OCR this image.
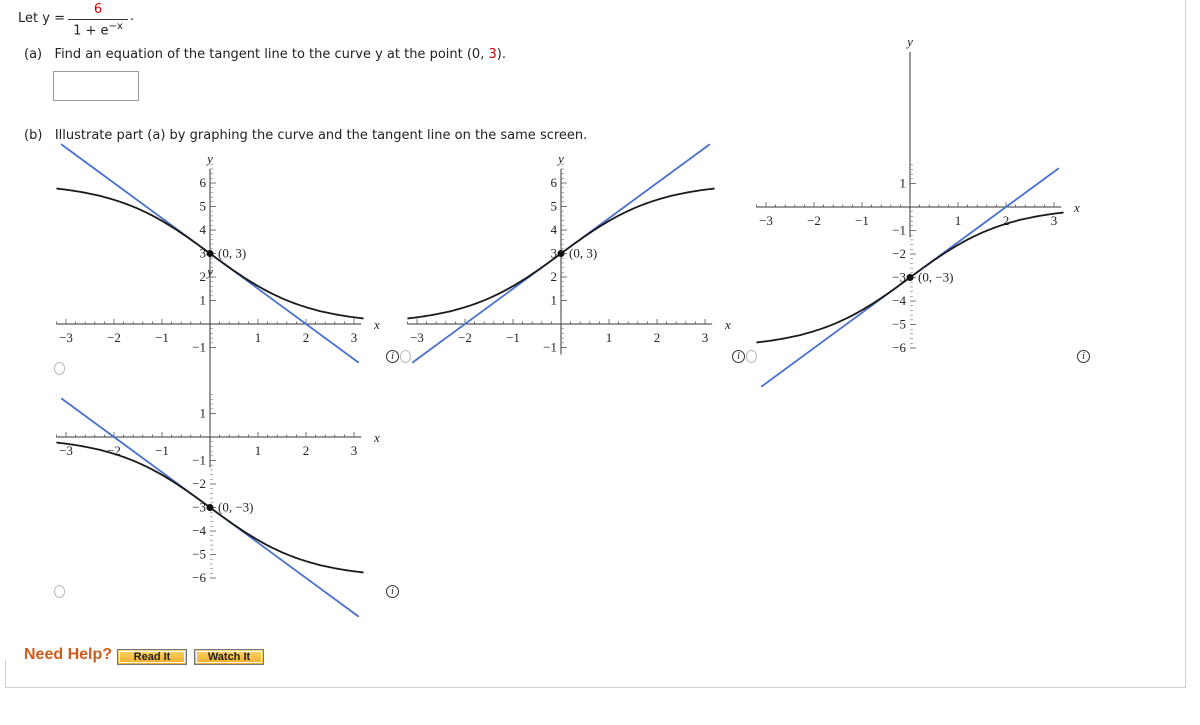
Let y =
6
$1 + e^{-x}$
.
(a) Find an equation of the tangent line to the curve y at the point (0, 3).
(b) Illustrate part (a) by graphing the curve and the tangent line on the same screen.
6
5
4
3
2
1
−1
−3	−2	−1	1	2	3
x
y
(0, 3)
6
5
4
3
2
1
−1
−3	−2	−1	1	2	3
x
y
(0, 3)
1
−1
−2
−3
−4
−5
−6
−3	−2	−1	1	2	3
x
y
(0, −3)
1
−1
−2
−3
−4
−5
−6
−3	−2	−1	1	2	3
x
y
(0, −3)
i	i	i
i
Need Help?	Read It	Watch It
